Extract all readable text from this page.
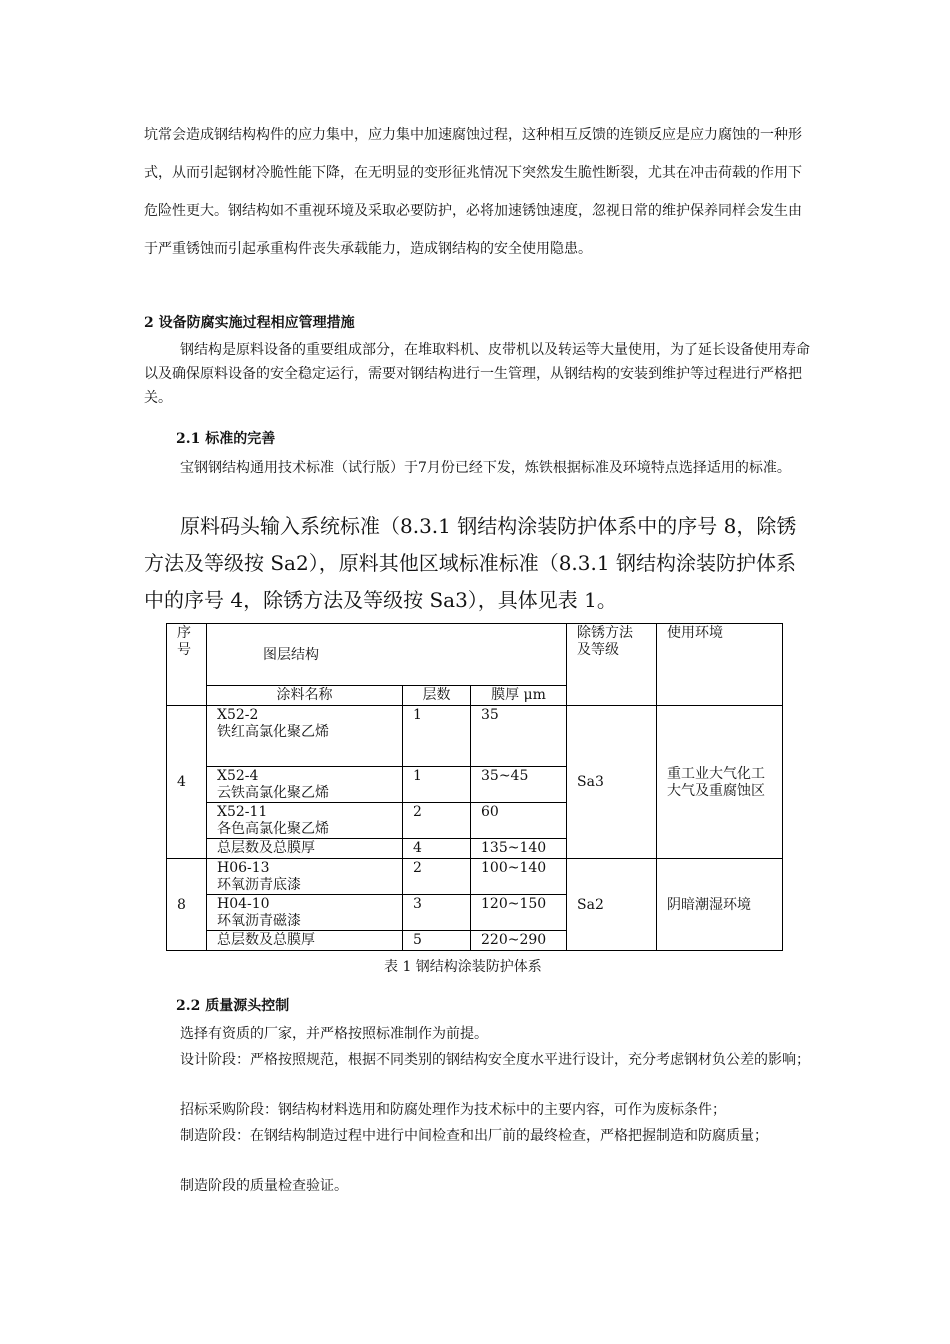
坑常会造成钢结构构件的应力集中，应力集中加速腐蚀过程，这种相互反馈的连锁反应是应力腐蚀的一种形式，从而引起钢材冷脆性能下降，在无明显的变形征兆情况下突然发生脆性断裂，尤其在冲击荷载的作用下危险性更大。钢结构如不重视环境及采取必要防护，必将加速锈蚀速度，忽视日常的维护保养同样会发生由于严重锈蚀而引起承重构件丧失承载能力，造成钢结构的安全使用隐患。

2 设备防腐实施过程相应管理措施

钢结构是原料设备的重要组成部分，在堆取料机、皮带机以及转运等大量使用，为了延长设备使用寿命以及确保原料设备的安全稳定运行，需要对钢结构进行一生管理，从钢结构的安装到维护等过程进行严格把关。

2.1 标准的完善

宝钢钢结构通用技术标准（试行版）于7月份已经下发，炼铁根据标准及环境特点选择适用的标准。

原料码头输入系统标准（8.3.1 钢结构涂装防护体系中的序号 8，除锈方法及等级按 Sa2），原料其他区域标准标准（8.3.1 钢结构涂装防护体系中的序号 4，除锈方法及等级按 Sa3），具体见表 1。

序号	图层结构			除锈方法及等级	使用环境
	涂料名称	层数	膜厚 μm		
4	X52-2
铁红高氯化聚乙烯	1	35	Sa3	重工业大气化工大气及重腐蚀区

	X52-4
云铁高氯化聚乙烯	1	35~45		

	X52-11
各色高氯化聚乙烯	2	60		
	总层数及总膜厚	4	135~140		
8	H06-13
环氧沥青底漆	2	100~140	Sa2	阴暗潮湿环境

	H04-10
环氧沥青磁漆	3	120~150		
	总层数及总膜厚	5	220~290		

表 1 钢结构涂装防护体系

2.2 质量源头控制

选择有资质的厂家，并严格按照标准制作为前提。

设计阶段：严格按照规范，根据不同类别的钢结构安全度水平进行设计，充分考虑钢材负公差的影响；

招标采购阶段：钢结构材料选用和防腐处理作为技术标中的主要内容，可作为废标条件；

制造阶段：在钢结构制造过程中进行中间检查和出厂前的最终检查，严格把握制造和防腐质量；

制造阶段的质量检查验证。
